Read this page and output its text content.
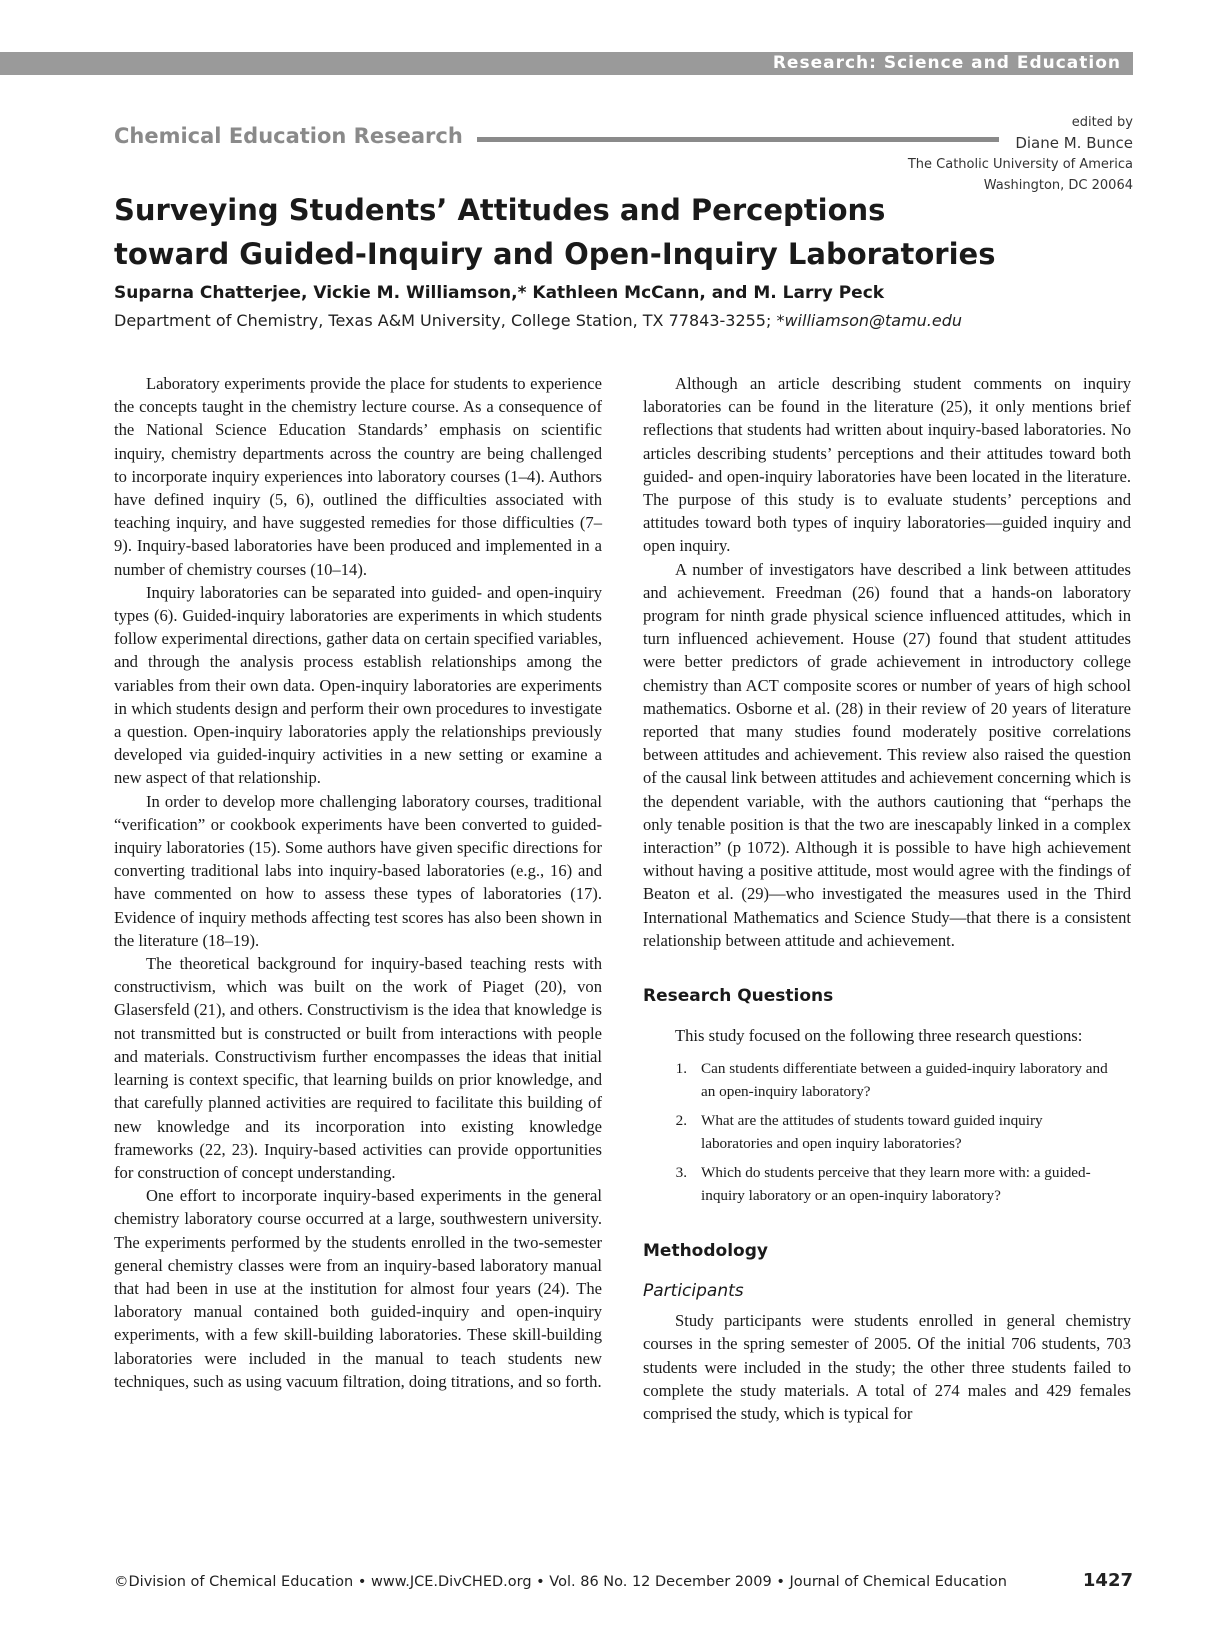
Research: Science and Education
Chemical Education Research
edited by
Diane M. Bunce
The Catholic University of America
Washington, DC 20064
Surveying Students’ Attitudes and Perceptions
toward Guided-Inquiry and Open-Inquiry Laboratories
Suparna Chatterjee, Vickie M. Williamson,* Kathleen McCann, and M. Larry Peck
Department of Chemistry, Texas A&M University, College Station, TX 77843-3255; *williamson@tamu.edu

Laboratory experiments provide the place for students to experience the concepts taught in the chemistry lecture course. As a consequence of the National Science Education Standards’ emphasis on scientific inquiry, chemistry departments across the country are being challenged to incorporate inquiry experiences into laboratory courses (1–4). Authors have defined inquiry (5, 6), outlined the difficulties associated with teaching inquiry, and have suggested remedies for those difficulties (7–9). Inquiry-based laboratories have been produced and implemented in a number of chemistry courses (10–14).

Inquiry laboratories can be separated into guided- and open-inquiry types (6). Guided-inquiry laboratories are experiments in which students follow experimental directions, gather data on certain specified variables, and through the analysis process establish relationships among the variables from their own data. Open-inquiry laboratories are experiments in which students design and perform their own procedures to investigate a question. Open-inquiry laboratories apply the relationships previously developed via guided-inquiry activities in a new setting or examine a new aspect of that relationship.

In order to develop more challenging laboratory courses, traditional “verification” or cookbook experiments have been converted to guided-inquiry laboratories (15). Some authors have given specific directions for converting traditional labs into inquiry-based laboratories (e.g., 16) and have commented on how to assess these types of laboratories (17). Evidence of inquiry methods affecting test scores has also been shown in the literature (18–19).

The theoretical background for inquiry-based teaching rests with constructivism, which was built on the work of Piaget (20), von Glasersfeld (21), and others. Constructivism is the idea that knowledge is not transmitted but is constructed or built from interactions with people and materials. Constructivism further encompasses the ideas that initial learning is context specific, that learning builds on prior knowledge, and that carefully planned activities are required to facilitate this building of new knowledge and its incorporation into existing knowledge frameworks (22, 23). Inquiry-based activities can provide opportunities for construction of concept understanding.

One effort to incorporate inquiry-based experiments in the general chemistry laboratory course occurred at a large, southwestern university. The experiments performed by the students enrolled in the two-semester general chemistry classes were from an inquiry-based laboratory manual that had been in use at the institution for almost four years (24). The laboratory manual contained both guided-inquiry and open-inquiry experiments, with a few skill-building laboratories. These skill-building laboratories were included in the manual to teach students new techniques, such as using vacuum filtration, doing titrations, and so forth.

Although an article describing student comments on inquiry laboratories can be found in the literature (25), it only mentions brief reflections that students had written about inquiry-based laboratories. No articles describing students’ perceptions and their attitudes toward both guided- and open-inquiry laboratories have been located in the literature. The purpose of this study is to evaluate students’ perceptions and attitudes toward both types of inquiry laboratories—guided inquiry and open inquiry.

A number of investigators have described a link between attitudes and achievement. Freedman (26) found that a hands-on laboratory program for ninth grade physical science influenced attitudes, which in turn influenced achievement. House (27) found that student attitudes were better predictors of grade achievement in introductory college chemistry than ACT composite scores or number of years of high school mathematics. Osborne et al. (28) in their review of 20 years of literature reported that many studies found moderately positive correlations between attitudes and achievement. This review also raised the question of the causal link between attitudes and achievement concerning which is the dependent variable, with the authors cautioning that “perhaps the only tenable position is that the two are inescapably linked in a complex interaction” (p 1072). Although it is possible to have high achievement without having a positive attitude, most would agree with the findings of Beaton et al. (29)—who investigated the measures used in the Third International Mathematics and Science Study—that there is a consistent relationship between attitude and achievement.

Research Questions

This study focused on the following three research questions:

1. Can students differentiate between a guided-inquiry laboratory and an open-inquiry laboratory?
2. What are the attitudes of students toward guided inquiry laboratories and open inquiry laboratories?
3. Which do students perceive that they learn more with: a guided-inquiry laboratory or an open-inquiry laboratory?
Methodology
Participants

Study participants were students enrolled in general chemistry courses in the spring semester of 2005. Of the initial 706 students, 703 students were included in the study; the other three students failed to complete the study materials. A total of 274 males and 429 females comprised the study, which is typical for

©Division of Chemical Education • www.JCE.DivCHED.org • Vol. 86 No. 12 December 2009 • Journal of Chemical Education	1427
